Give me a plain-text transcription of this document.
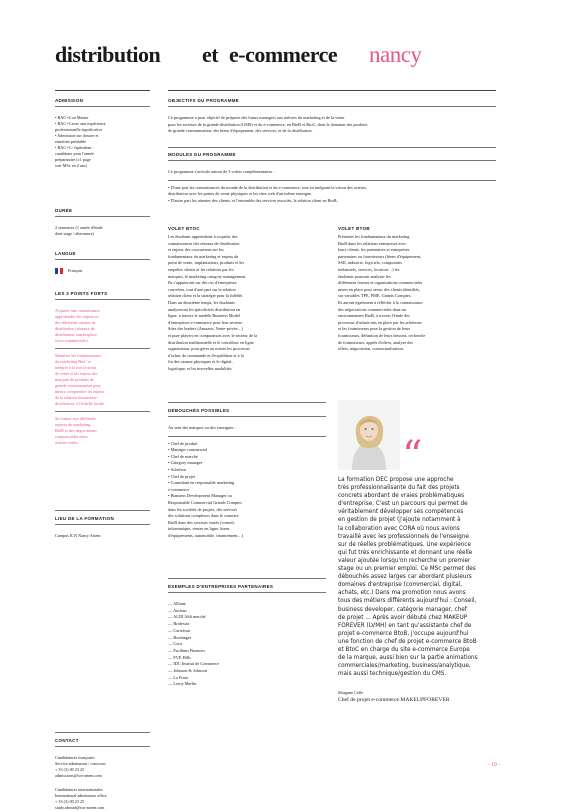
distribution et e-commerce nancy
ADMISSION
• BAC+4 ou Master
• BAC+3 avec une expérience
professionnelle significative
• Admission sur dossier et
entretien préalable
• BAC+3 / équivalent :
candidater pour l'année
préparatoire (cf. page
voir MSc en 2 ans)
DURÉE
2 semestres (1 année d'étude
dont stage / alternance)
LANGUE
Français
LES 3 POINTS FORTS
Acquérir une connaissance
approfondie des enjeux et
des différents canaux de
distribution (réseaux de
distribution, marketplace,
force commerciale).
Maîtriser les fondamentaux
du marketing BtoC et
intégrer à la fois le point
de vente et les enjeux des
marques de produits de
grande consommation pour
mieux comprendre les enjeux
de la relation fournisseur-
distributeur, à l'échelle locale.
Se former aux différents
aspects du marketing
BtoB et des négociations
commerciales entre
acteurs variés.
LIEU DE LA FORMATION
Campus ICN Nancy Artem
CONTACT
Candidatures françaises
Service admissions / concours
+ 33 (3) 00 23 25
admissions@icn-artem.com
Candidatures internationales
International admissions office
+ 33 (3) 00 23 25
study.abroad@icn-artem.com
OBJECTIFS DU PROGRAMME
Ce programme a pour objectif de préparer des futurs managers aux métiers du marketing et de la vente
pour les secteurs de la grande distribution (GMS) et du e-commerce, en BtoB et BtoC, dans le domaine des produits
de grande consommation, des biens d'équipement, des services, et de la distribution.
MODULES DU PROGRAMME
Ce programme s'articule autour de 3 volets complémentaires :
• D'une part les connaissances du monde de la distribution et du e-commerce, tout en intégrant la vision des acteurs,
distribution avec les points de vente physiques et les sites web d'un même enseigne.
• D'autre part les attentes des clients, et l'ensemble des services associés, la relation client en BtoB.
VOLET BTOC
Les étudiants apprendront à acquérir des
connaissances des réseaux de distribution
et enjeux des concurrents sur les
fondamentaux du marketing et enjeux de
point de vente, implantations, produits et les
enquêtes clients et les relations par les
marques, le marketing category management.
Ils s'appuieront sur des cas d'entreprises
concrètes, tout d'une part sur la relation
relation client et la stratégie pour la fidélité.
Dans un deuxième temps, les étudiants
analyseront les spécificités distribution en
ligne, à travers le modèle Business Model
d'entreprises e-commerce pour leur secteur:
Sites des leaders (Amazon, Vente-privée…)
et pure players en comparaison avec le secteur de la
distribution traditionnelle et le contrôleur en ligne
organisation, pour gérer au mieux les processus
d'achat, de commande et d'expédition et à la
fin des canaux physiques et le digital,
logistique, et les nouvelles modalités.
VOLET BTOB
Présenter les fondamentaux du marketing
BtoB dans les relations entreprises avec
leurs clients, les partenaires et entreprises
partenaires ou fournisseurs (biens d'équipement,
SSII, industrie, logiciels, composants
industriels, services, location…) les
étudiants pourront analyser les
différentes formes et organisations commerciales
mises en place pour servir des clients identifiés,
sur variables TPE, PME, Grands Comptes.
Ils auront également à réfléchir à la connaissance
des négociations commerciales dans un
environnement BtoB, à travers l'étude des
processus d'achats mis en place par les acheteurs
et les fournisseurs pour la gestion de leurs
fournisseurs, définition de leurs besoins, recherche
de fournisseurs, appels d'offres, analyse des
offres, négociation, contractualisation.
DÉBOUCHÉS POSSIBLES
Au sein des marques ou des enseignes :
• Chef de produit
• Manager commercial
• Chef de marché
• Category manager
• Acheteur
• Chef de projet
• Consultant en responsable marketing
e-commerce
• Business Development Manager ou
Responsable Commercial Grands Comptes
dans les sociétés de projets, des services
des solutions complexes dans le contexte
BtoB dans des secteurs variés (conseil,
informatique, ventes en ligne, biens
d'équipements, automobile, financement…)
EXEMPLES D'ENTREPRISES PARTENAIRES
— Allianz
— Auchan
— ALDI Aldi marché
— Bridestar
— Carrefour
— Boulanger
— Cora
— Facilium Finances
— FVE Hills
— IDC Institut de Commerce
— Johnson & Johnson
— La Poste
— Leroy Merlin
“
La formation DEC propose une approche
très professionnalisante du fait des projets
concrets abordant de vraies problématiques
d'entreprise. C'est un parcours qui permet de
véritablement développer ses compétences
en gestion de projet (j'ajoute notamment à
la collaboration avec CORA où nous avions
travaillé avec les professionnels de l'enseigne
sur de réelles problématiques. Une expérience
qui fut très enrichissante et donnant une réelle
valeur ajoutée lorsqu'on recherche un premier
stage ou un premier emploi. Ce MSc permet des
débouchés assez larges car abordant plusieurs
domaines d'entreprise (commercial, digital,
achats, etc.) Dans ma promotion nous avons
tous des métiers différents aujourd'hui : Conseil,
business developer, catégorie manager, chef
de projet ... Après avoir débuté chez MAKEUP
FOREVER (LVMH) en tant qu'assistante chef de
projet e-commerce BtoB, j'occupe aujourd'hui
une fonction de chef de projet e-commerce BtoB
et BtoC en charge du site e-commerce Europe
de la marque, aussi bien sur la partie animations
commerciales/marketing, business/analytique,
mais aussi technique/gestion du CMS.
Morgane Colle
Chef de projet e-commerce MAKEUPFOREVER
- 19 -
